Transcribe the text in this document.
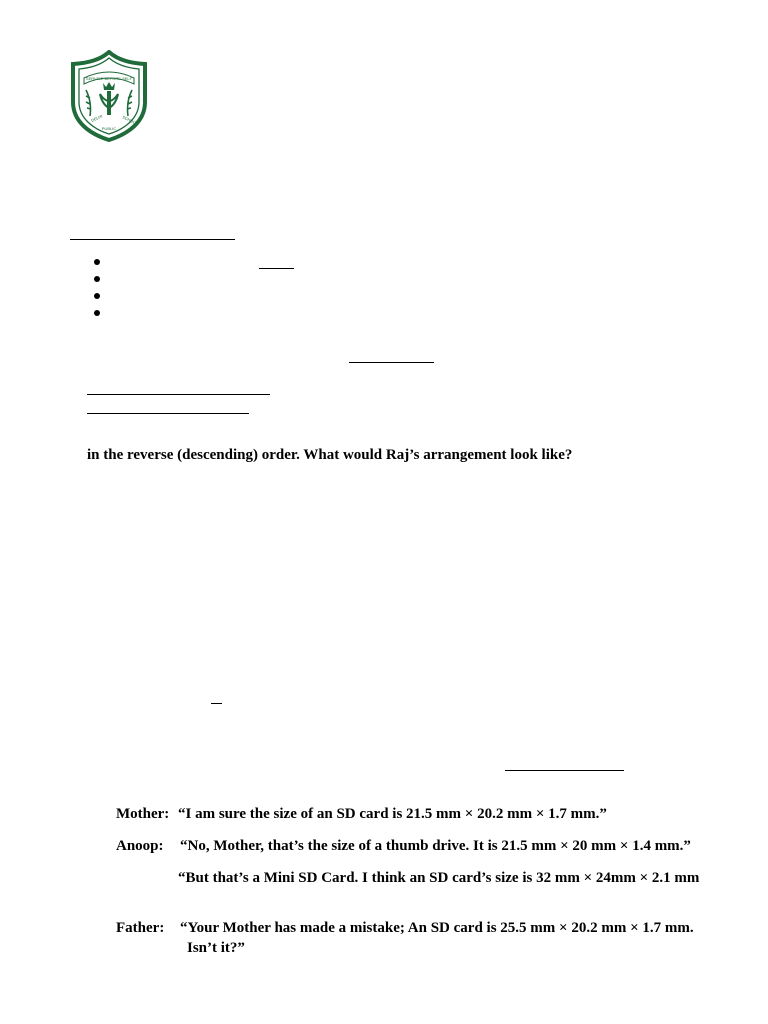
SERVICE BEFORE SELF
DELHI	SCHOOL
PUBLIC
in the reverse (descending) order. What would Raj’s arrangement look like?
Mother: “I am sure the size of an SD card is 21.5 mm × 20.2 mm × 1.7 mm.”
Anoop: “No, Mother, that’s the size of a thumb drive. It is 21.5 mm × 20 mm × 1.4 mm.”
“But that’s a Mini SD Card. I think an SD card’s size is 32 mm × 24mm × 2.1 mm
Father: “Your Mother has made a mistake; An SD card is 25.5 mm × 20.2 mm × 1.7 mm.
Isn’t it?”
